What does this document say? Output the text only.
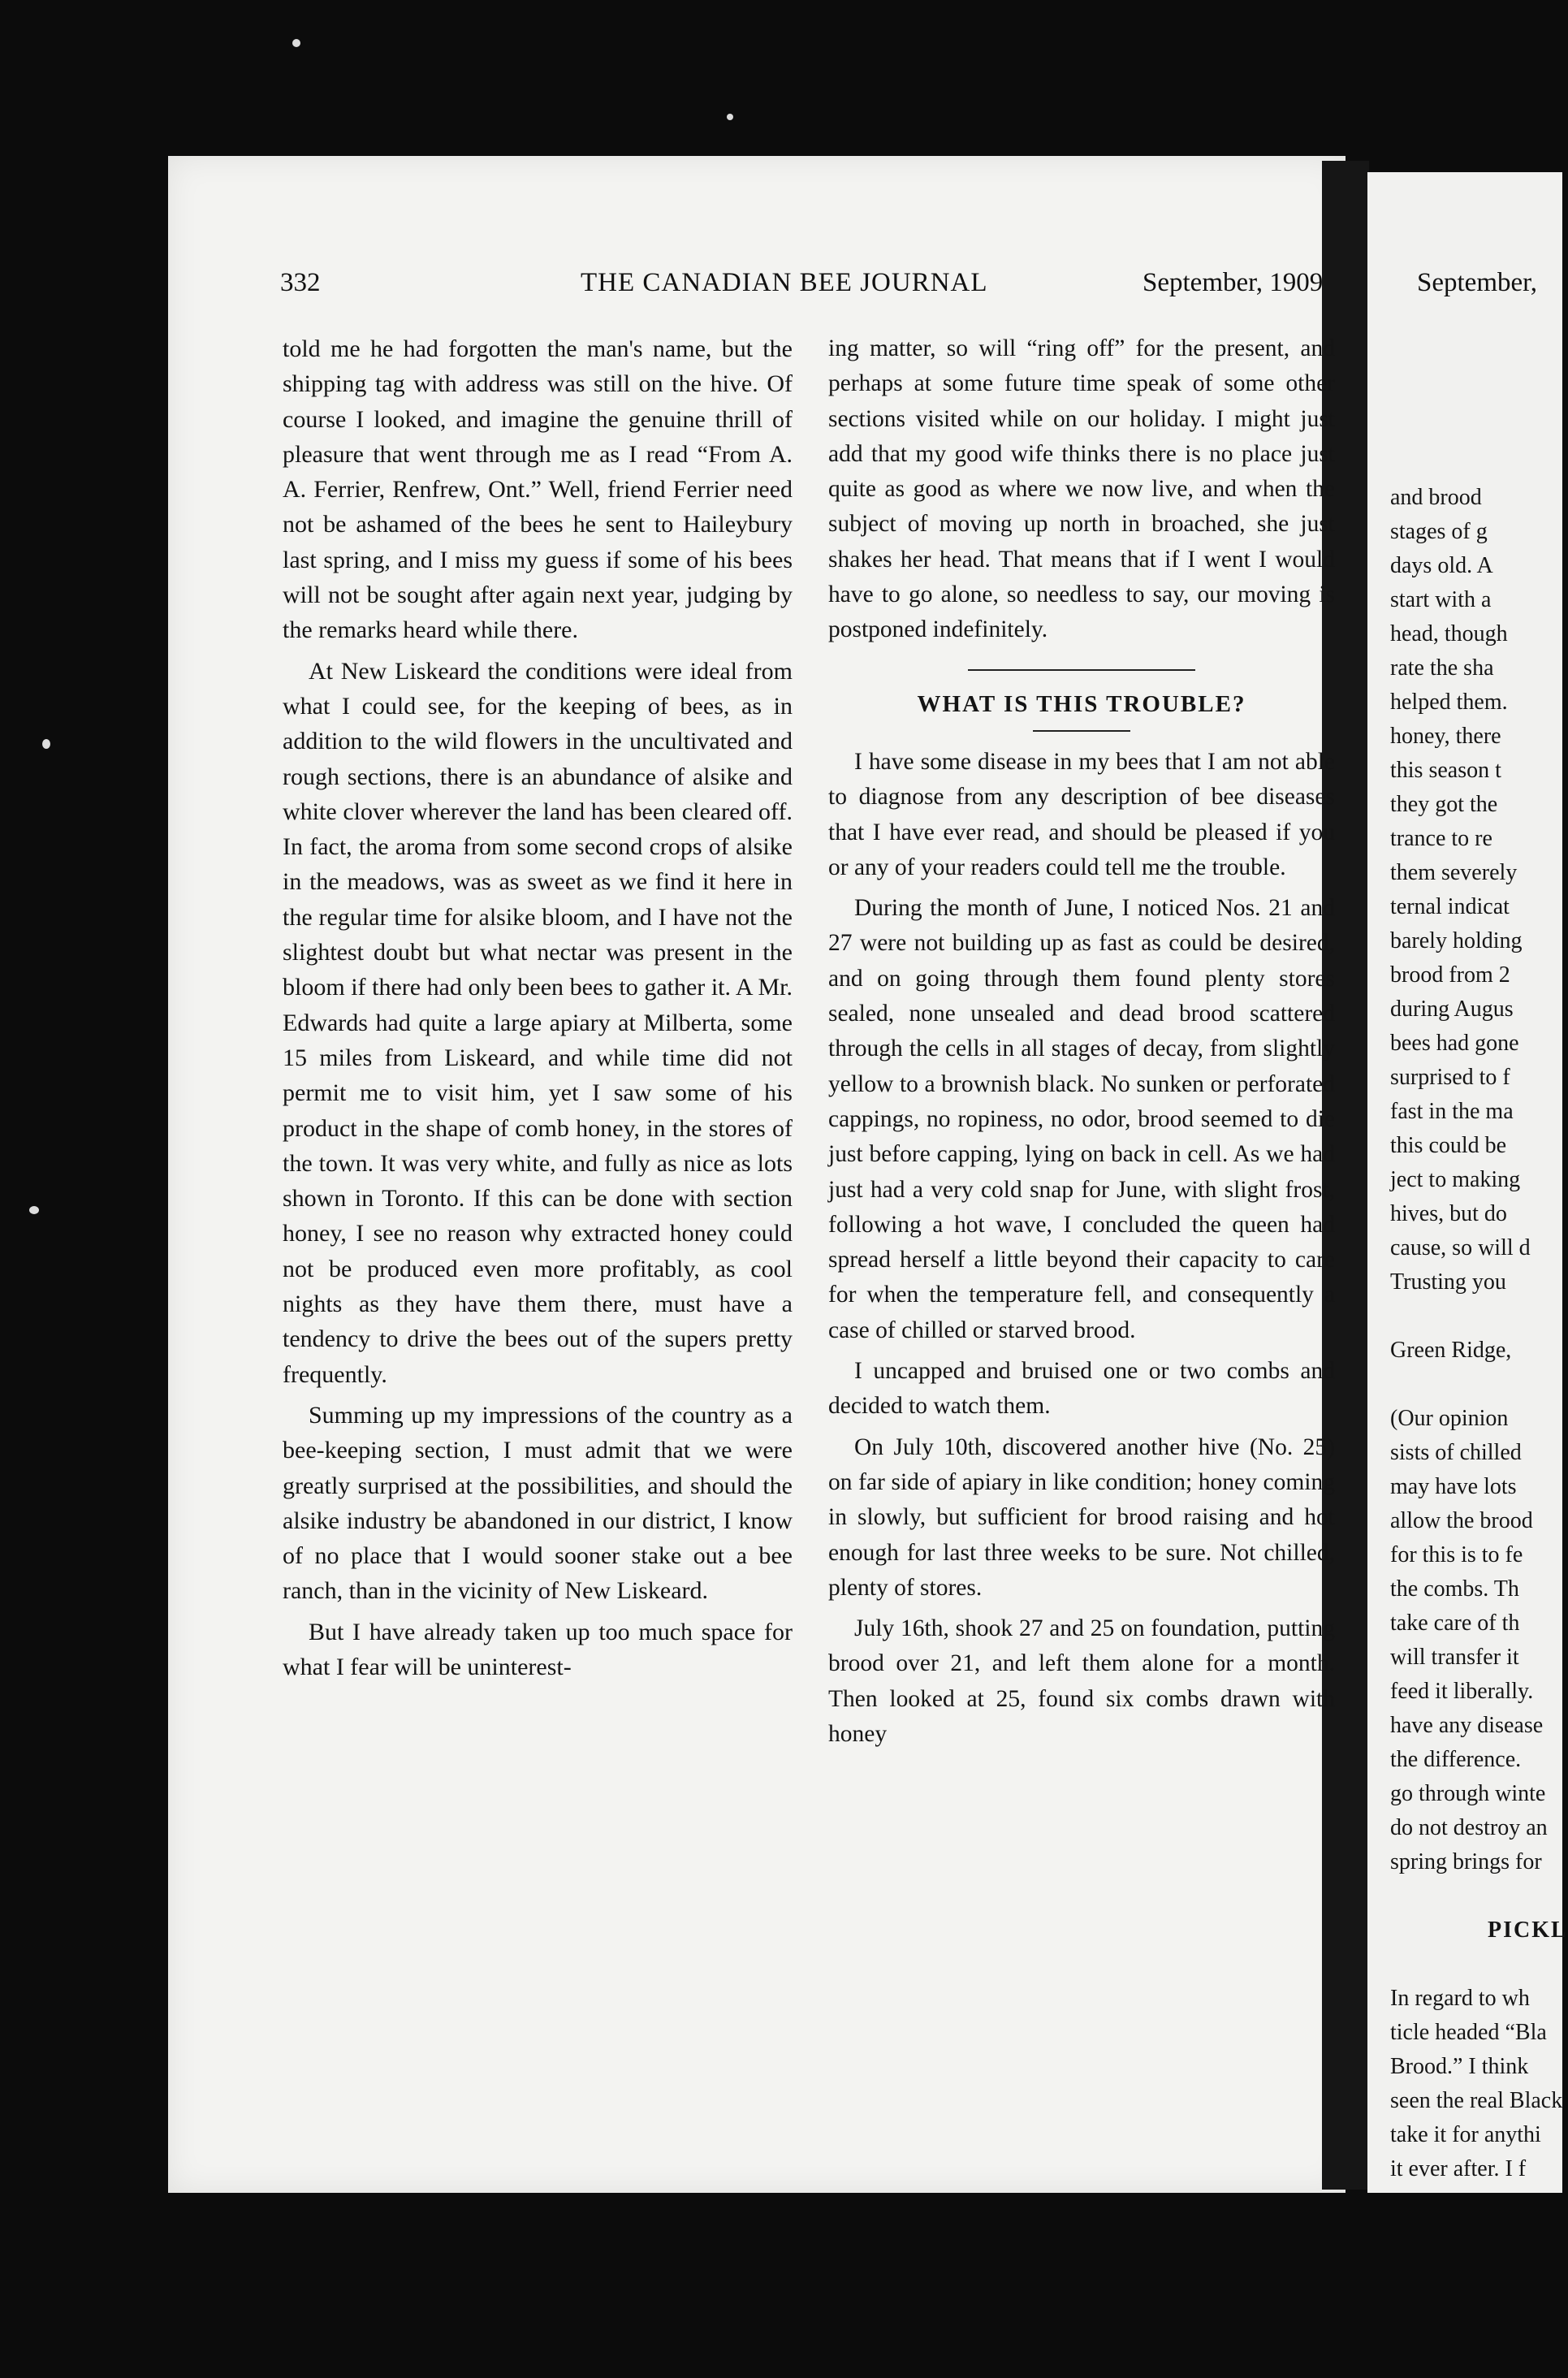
and brood
stages of g
days old. A
start with a
head, though
rate the sha
helped them.
honey, there
this season t
they got the
trance to re
them severely
ternal indicat
barely holding
brood from 2
during Augus
bees had gone
surprised to f
fast in the ma
this could be
ject to making
hives, but do
cause, so will d
Trusting you

Green Ridge,

(Our opinion
sists of chilled
may have lots
allow the brood
for this is to fe
the combs. Th
take care of th
will transfer it
feed it liberally.
have any disease
the difference.
go through winte
do not destroy an
spring brings for

PICKL

In regard to wh
ticle headed “Bla
Brood.” I think
seen the real Black
take it for anythi
it ever after. I f
332	THE CANADIAN BEE JOURNAL	September, 1909	September,

told me he had forgotten the man's name, but the shipping tag with address was still on the hive. Of course I looked, and imagine the genuine thrill of pleasure that went through me as I read “From A. A. Ferrier, Renfrew, Ont.” Well, friend Ferrier need not be ashamed of the bees he sent to Haileybury last spring, and I miss my guess if some of his bees will not be sought after again next year, judging by the remarks heard while there.

At New Liskeard the conditions were ideal from what I could see, for the keeping of bees, as in addition to the wild flowers in the uncultivated and rough sections, there is an abundance of alsike and white clover wherever the land has been cleared off. In fact, the aroma from some second crops of alsike in the meadows, was as sweet as we find it here in the regular time for alsike bloom, and I have not the slightest doubt but what nectar was present in the bloom if there had only been bees to gather it. A Mr. Edwards had quite a large apiary at Milberta, some 15 miles from Liskeard, and while time did not permit me to visit him, yet I saw some of his product in the shape of comb honey, in the stores of the town. It was very white, and fully as nice as lots shown in Toronto. If this can be done with section honey, I see no reason why extracted honey could not be produced even more profitably, as cool nights as they have them there, must have a tendency to drive the bees out of the supers pretty frequently.

Summing up my impressions of the country as a bee-keeping section, I must admit that we were greatly surprised at the possibilities, and should the alsike industry be abandoned in our district, I know of no place that I would sooner stake out a bee ranch, than in the vicinity of New Liskeard.

But I have already taken up too much space for what I fear will be uninterest-

ing matter, so will “ring off” for the present, and perhaps at some future time speak of some other sections visited while on our holiday. I might just add that my good wife thinks there is no place just quite as good as where we now live, and when the subject of moving up north in broached, she just shakes her head. That means that if I went I would have to go alone, so needless to say, our moving is postponed indefinitely.

WHAT IS THIS TROUBLE?

I have some disease in my bees that I am not able to diagnose from any description of bee diseases that I have ever read, and should be pleased if you or any of your readers could tell me the trouble.

During the month of June, I noticed Nos. 21 and 27 were not building up as fast as could be desired, and on going through them found plenty stores sealed, none unsealed and dead brood scattered through the cells in all stages of decay, from slightly yellow to a brownish black. No sunken or perforated cappings, no ropiness, no odor, brood seemed to die just before capping, lying on back in cell. As we had just had a very cold snap for June, with slight frost, following a hot wave, I concluded the queen had spread herself a little beyond their capacity to care for when the temperature fell, and consequently a case of chilled or starved brood.

I uncapped and bruised one or two combs and decided to watch them.

On July 10th, discovered another hive (No. 25) on far side of apiary in like condition; honey coming in slowly, but sufficient for brood raising and hot enough for last three weeks to be sure. Not chilled, plenty of stores.

July 16th, shook 27 and 25 on foundation, putting brood over 21, and left them alone for a month. Then looked at 25, found six combs drawn with honey
